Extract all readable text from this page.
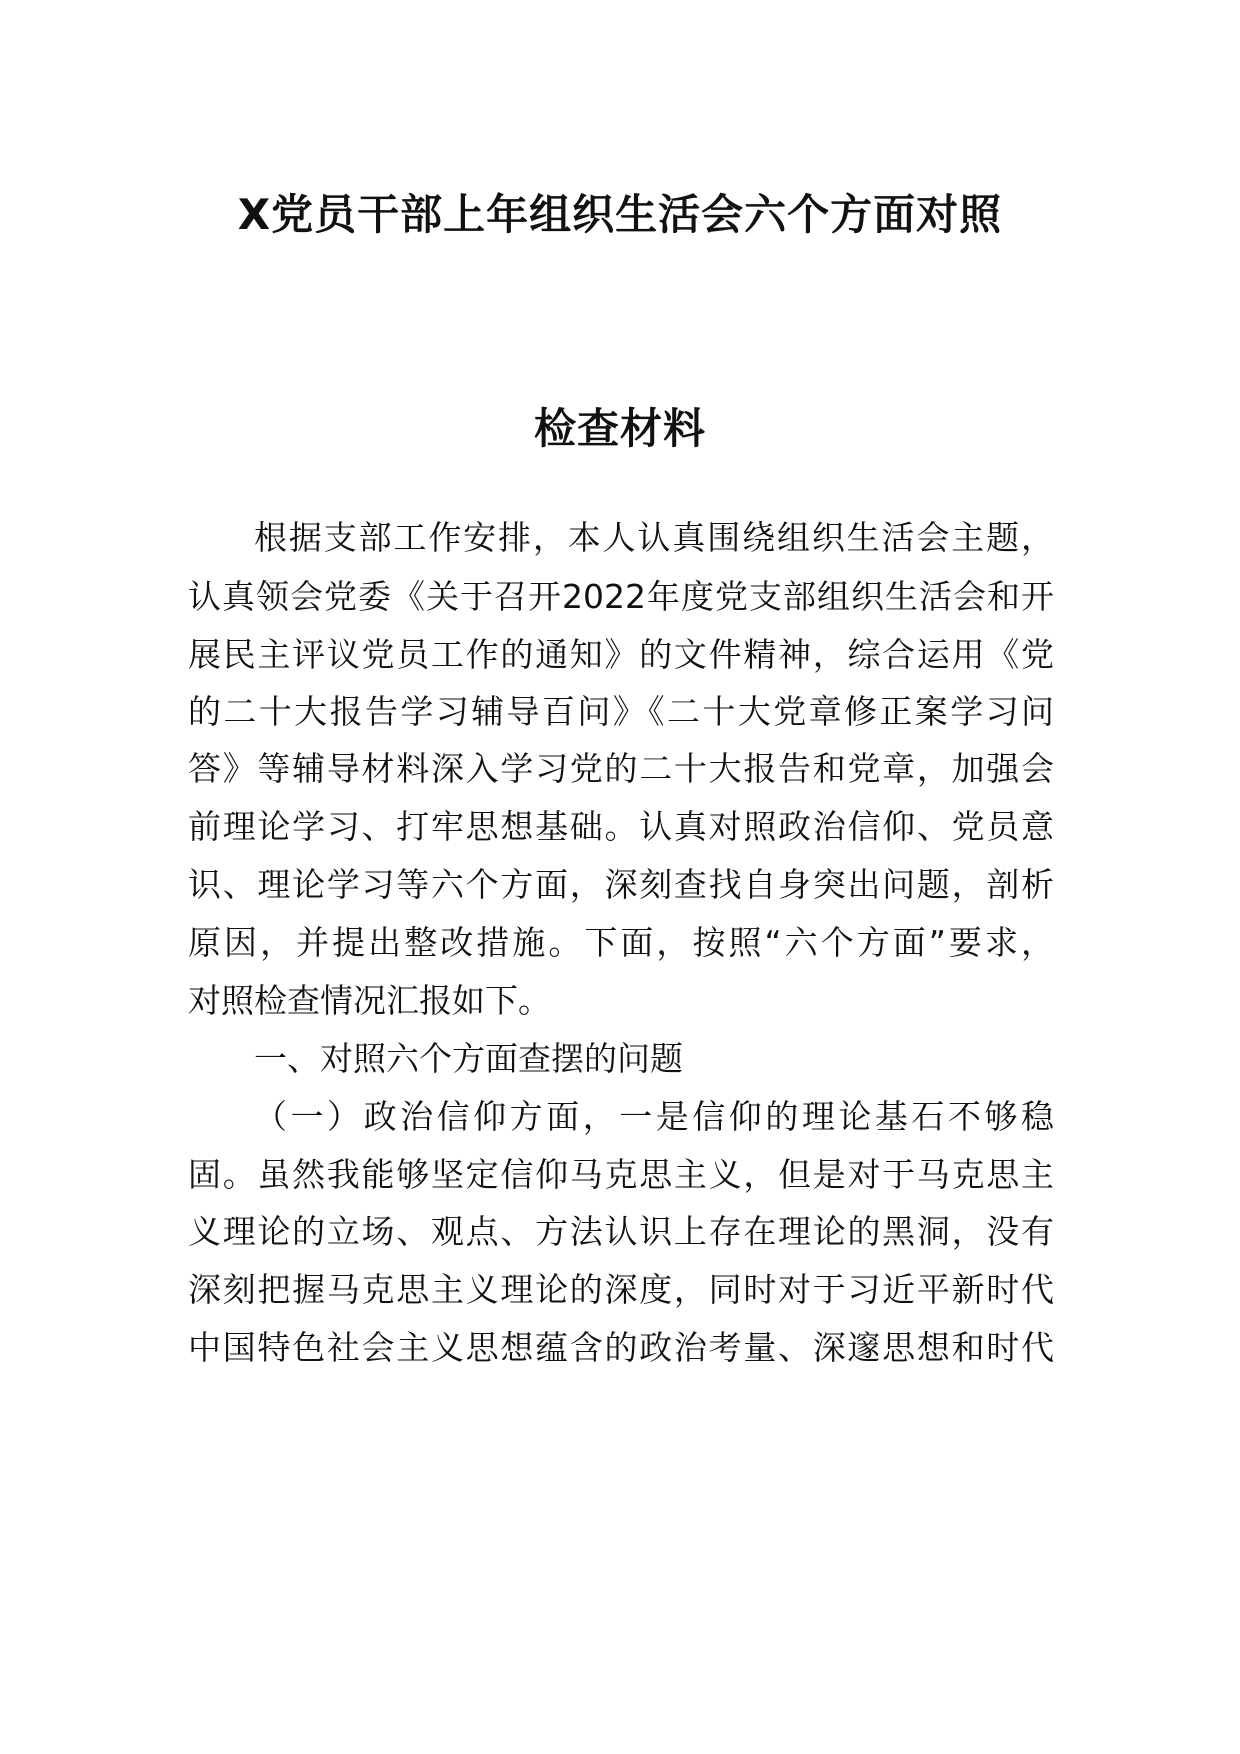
X党员干部上年组织生活会六个方面对照
检查材料
根据支部工作安排，本人认真围绕组织生活会主题，
认真领会党委《关于召开2022年度党支部组织生活会和开
展民主评议党员工作的通知》的文件精神，综合运用《党
的二十大报告学习辅导百问》《二十大党章修正案学习问
答》等辅导材料深入学习党的二十大报告和党章，加强会
前理论学习、打牢思想基础。认真对照政治信仰、党员意
识、理论学习等六个方面，深刻查找自身突出问题，剖析
原因，并提出整改措施。下面，按照“六个方面”要求，
对照检查情况汇报如下。
一、对照六个方面查摆的问题
（一）政治信仰方面，一是信仰的理论基石不够稳
固。虽然我能够坚定信仰马克思主义，但是对于马克思主
义理论的立场、观点、方法认识上存在理论的黑洞，没有
深刻把握马克思主义理论的深度，同时对于习近平新时代
中国特色社会主义思想蕴含的政治考量、深邃思想和时代
